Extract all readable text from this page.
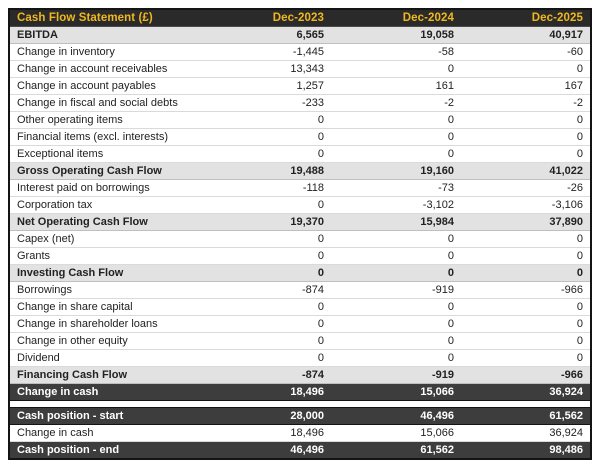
Cash Flow Statement (£)	Dec-2023	Dec-2024	Dec-2025
EBITDA	6,565	19,058	40,917
Change in inventory	-1,445	-58	-60
Change in account receivables	13,343	0	0
Change in account payables	1,257	161	167
Change in fiscal and social debts	-233	-2	-2
Other operating items	0	0	0
Financial items (excl. interests)	0	0	0
Exceptional items	0	0	0
Gross Operating Cash Flow	19,488	19,160	41,022
Interest paid on borrowings	-118	-73	-26
Corporation tax	0	-3,102	-3,106
Net Operating Cash Flow	19,370	15,984	37,890
Capex (net)	0	0	0
Grants	0	0	0
Investing Cash Flow	0	0	0
Borrowings	-874	-919	-966
Change in share capital	0	0	0
Change in shareholder loans	0	0	0
Change in other equity	0	0	0
Dividend	0	0	0
Financing Cash Flow	-874	-919	-966
Change in cash	18,496	15,066	36,924

Cash position - start	28,000	46,496	61,562
Change in cash	18,496	15,066	36,924
Cash position - end	46,496	61,562	98,486
